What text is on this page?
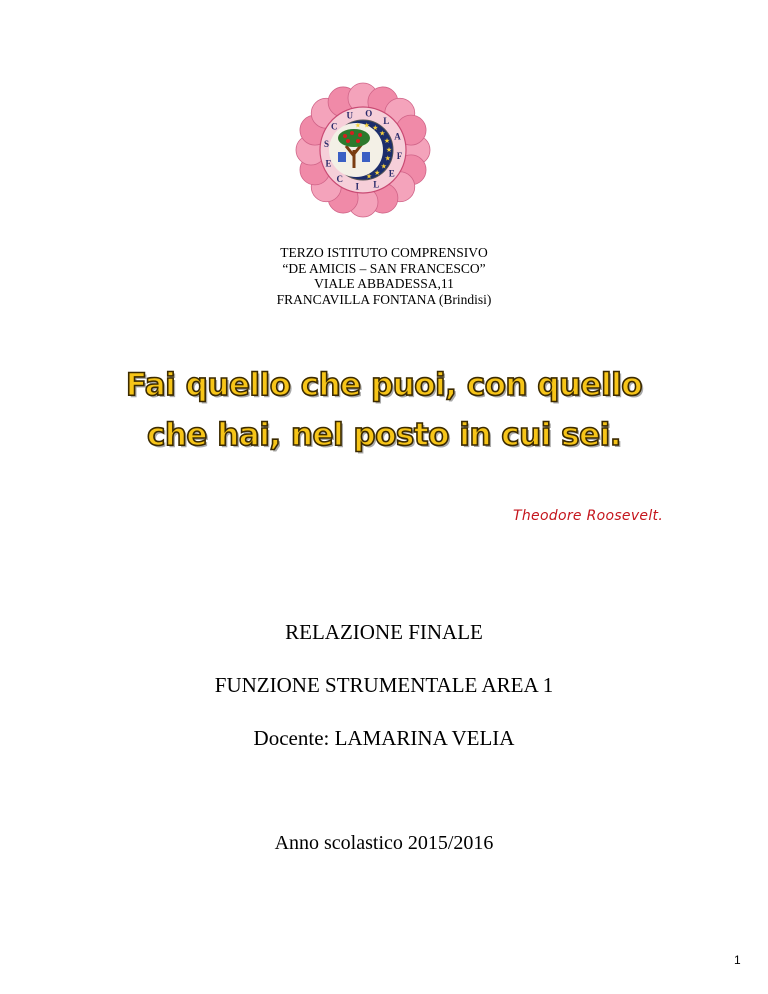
★ ★ ★
★
★
★
★
★
★
★
S
C
U O
L
A
F
E
L
I
C
E
TERZO ISTITUTO COMPRENSIVO
“DE AMICIS – SAN FRANCESCO”
VIALE ABBADESSA,11
FRANCAVILLA FONTANA (Brindisi)
Fai quello che puoi, con quello
che hai, nel posto in cui sei.
Theodore Roosevelt.
RELAZIONE FINALE
FUNZIONE STRUMENTALE AREA 1
Docente: LAMARINA VELIA
Anno scolastico 2015/2016
1
